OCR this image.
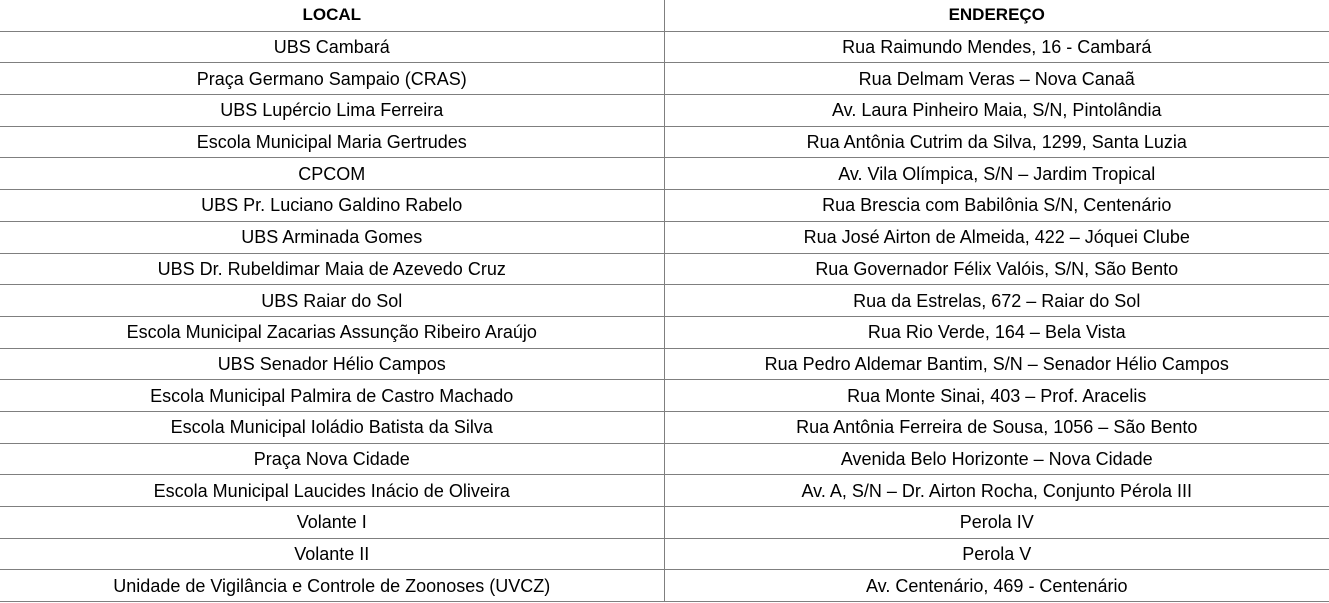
LOCAL	ENDEREÇO
UBS Cambará	Rua Raimundo Mendes, 16 - Cambará
Praça Germano Sampaio (CRAS)	Rua Delmam Veras – Nova Canaã
UBS Lupércio Lima Ferreira	Av. Laura Pinheiro Maia, S/N, Pintolândia
Escola Municipal Maria Gertrudes	Rua Antônia Cutrim da Silva, 1299, Santa Luzia
CPCOM	Av. Vila Olímpica, S/N – Jardim Tropical
UBS Pr. Luciano Galdino Rabelo	Rua Brescia com Babilônia S/N, Centenário
UBS Arminada Gomes	Rua José Airton de Almeida, 422 – Jóquei Clube
UBS Dr. Rubeldimar Maia de Azevedo Cruz	Rua Governador Félix Valóis, S/N, São Bento
UBS Raiar do Sol	Rua da Estrelas, 672 – Raiar do Sol
Escola Municipal Zacarias Assunção Ribeiro Araújo	Rua Rio Verde, 164 – Bela Vista
UBS Senador Hélio Campos	Rua Pedro Aldemar Bantim, S/N – Senador Hélio Campos
Escola Municipal Palmira de Castro Machado	Rua Monte Sinai, 403 – Prof. Aracelis
Escola Municipal Ioládio Batista da Silva	Rua Antônia Ferreira de Sousa, 1056 – São Bento
Praça Nova Cidade	Avenida Belo Horizonte – Nova Cidade
Escola Municipal Laucides Inácio de Oliveira	Av. A, S/N – Dr. Airton Rocha, Conjunto Pérola III
Volante I	Perola IV
Volante II	Perola V
Unidade de Vigilância e Controle de Zoonoses (UVCZ)	Av. Centenário, 469 - Centenário
